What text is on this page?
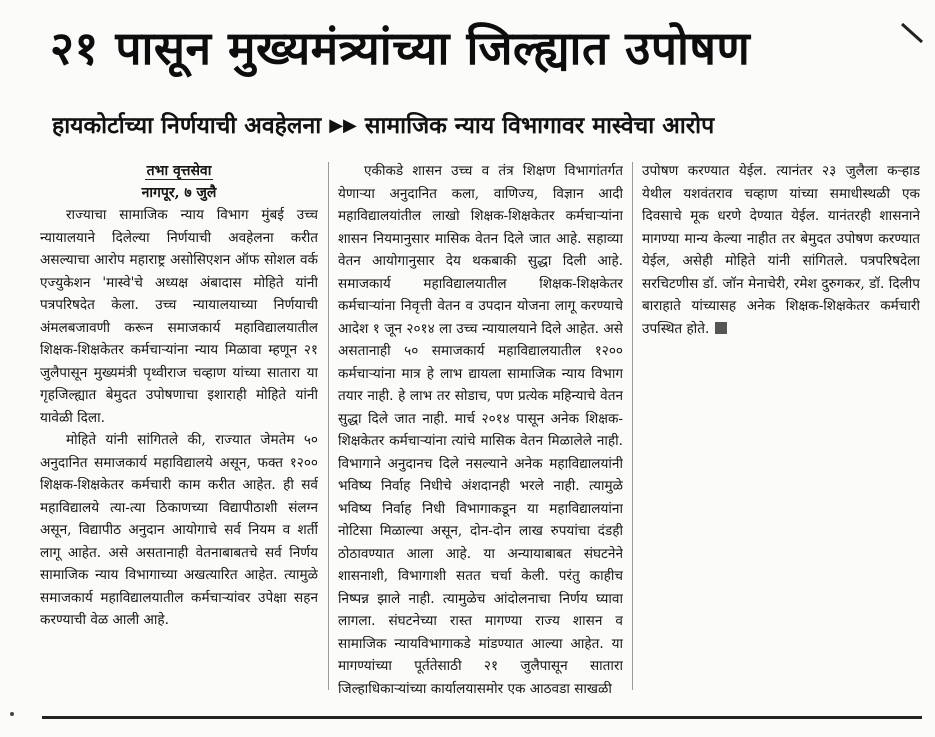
२१ पासून मुख्यमंत्र्यांच्या जिल्ह्यात उपोषण
हायकोर्टाच्या निर्णयाची अवहेलना ▶▶ सामाजिक न्याय विभागावर मास्वेचा आरोप
तभा वृत्तसेवा
नागपूर, ७ जुलै

राज्याचा सामाजिक न्याय विभाग मुंबई उच्च न्यायालयाने दिलेल्या निर्णयाची अवहेलना करीत असल्याचा आरोप महाराष्ट्र असोसिएशन ऑफ सोशल वर्क एज्युकेशन 'मास्वे'चे अध्यक्ष अंबादास मोहिते यांनी पत्रपरिषदेत केला. उच्च न्यायालयाच्या निर्णयाची अंमलबजावणी करून समाजकार्य महाविद्यालयातील शिक्षक-शिक्षकेतर कर्मचाऱ्यांना न्याय मिळावा म्हणून २१ जुलैपासून मुख्यमंत्री पृथ्वीराज चव्हाण यांच्या सातारा या गृहजिल्ह्यात बेमुदत उपोषणाचा इशाराही मोहिते यांनी यावेळी दिला.

मोहिते यांनी सांगितले की, राज्यात जेमतेम ५० अनुदानित समाजकार्य महाविद्यालये असून, फक्त १२०० शिक्षक-शिक्षकेतर कर्मचारी काम करीत आहेत. ही सर्व महाविद्यालये त्या-त्या ठिकाणच्या विद्यापीठाशी संलग्न असून, विद्यापीठ अनुदान आयोगाचे सर्व नियम व शर्ती लागू आहेत. असे असतानाही वेतनाबाबतचे सर्व निर्णय सामाजिक न्याय विभागाच्या अखत्यारित आहेत. त्यामुळे समाजकार्य महाविद्यालयातील कर्मचाऱ्यांवर उपेक्षा सहन करण्याची वेळ आली आहे.

एकीकडे शासन उच्च व तंत्र शिक्षण विभागांतर्गत येणाऱ्या अनुदानित कला, वाणिज्य, विज्ञान आदी महाविद्यालयांतील लाखो शिक्षक-शिक्षकेतर कर्मचाऱ्यांना शासन नियमानुसार मासिक वेतन दिले जात आहे. सहाव्या वेतन आयोगानुसार देय थकबाकी सुद्धा दिली आहे. समाजकार्य महाविद्यालयातील शिक्षक-शिक्षकेतर कर्मचाऱ्यांना निवृत्ती वेतन व उपदान योजना लागू करण्याचे आदेश १ जून २०१४ ला उच्च न्यायालयाने दिले आहेत. असे असतानाही ५० समाजकार्य महाविद्यालयातील १२०० कर्मचाऱ्यांना मात्र हे लाभ द्यायला सामाजिक न्याय विभाग तयार नाही. हे लाभ तर सोडाच, पण प्रत्येक महिन्याचे वेतन सुद्धा दिले जात नाही. मार्च २०१४ पासून अनेक शिक्षक-शिक्षकेतर कर्मचाऱ्यांना त्यांचे मासिक वेतन मिळालेले नाही. विभागाने अनुदानच दिले नसल्याने अनेक महाविद्यालयांनी भविष्य निर्वाह निधीचे अंशदानही भरले नाही. त्यामुळे भविष्य निर्वाह निधी विभागाकडून या महाविद्यालयांना नोटिसा मिळाल्या असून, दोन-दोन लाख रुपयांचा दंडही ठोठावण्यात आला आहे. या अन्यायाबाबत संघटनेने शासनाशी, विभागाशी सतत चर्चा केली. परंतु काहीच निष्पन्न झाले नाही. त्यामुळेच आंदोलनाचा निर्णय घ्यावा लागला. संघटनेच्या रास्त मागण्या राज्य शासन व सामाजिक न्यायविभागाकडे मांडण्यात आल्या आहेत. या मागण्यांच्या पूर्ततेसाठी २१ जुलैपासून सातारा जिल्हाधिकाऱ्यांच्या कार्यालयासमोर एक आठवडा साखळी

उपोषण करण्यात येईल. त्यानंतर २३ जुलैला कऱ्हाड येथील यशवंतराव चव्हाण यांच्या समाधीस्थळी एक दिवसाचे मूक धरणे देण्यात येईल. यानंतरही शासनाने मागण्या मान्य केल्या नाहीत तर बेमुदत उपोषण करण्यात येईल, असेही मोहिते यांनी सांगितले. पत्रपरिषदेला सरचिटणीस डॉ. जॉन मेनाचेरी, रमेश दुरुगकर, डॉ. दिलीप बाराहाते यांच्यासह अनेक शिक्षक-शिक्षकेतर कर्मचारी उपस्थित होते.
